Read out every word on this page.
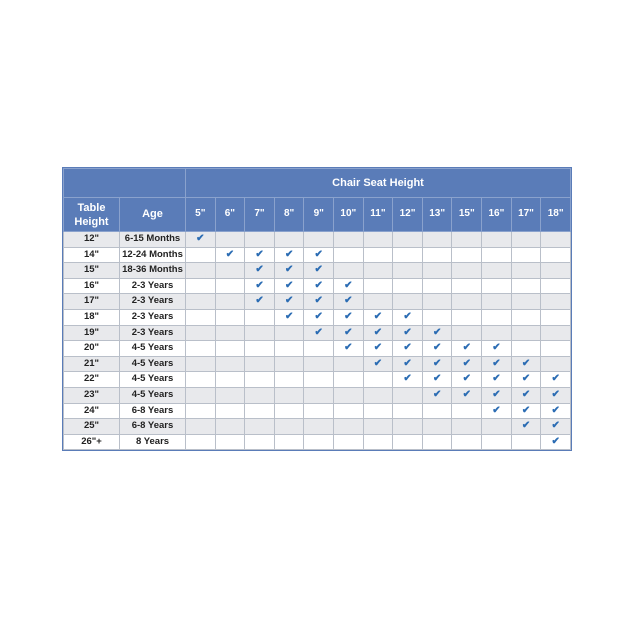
		Chair Seat Height												
Table
Height	Age	5"	6"	7"	8"	9"	10"	11"	12"	13"	15"	16"	17"	18"
12"	6-15 Months	✔												
14"	12-24 Months		✔	✔	✔	✔								
15"	18-36 Months			✔	✔	✔								
16"	2-3 Years			✔	✔	✔	✔							
17"	2-3 Years			✔	✔	✔	✔							
18"	2-3 Years				✔	✔	✔	✔	✔					
19"	2-3 Years					✔	✔	✔	✔	✔				
20"	4-5 Years						✔	✔	✔	✔	✔	✔		
21"	4-5 Years							✔	✔	✔	✔	✔	✔	
22"	4-5 Years								✔	✔	✔	✔	✔	✔
23"	4-5 Years									✔	✔	✔	✔	✔
24"	6-8 Years											✔	✔	✔
25"	6-8 Years												✔	✔
26"+	8 Years													✔
